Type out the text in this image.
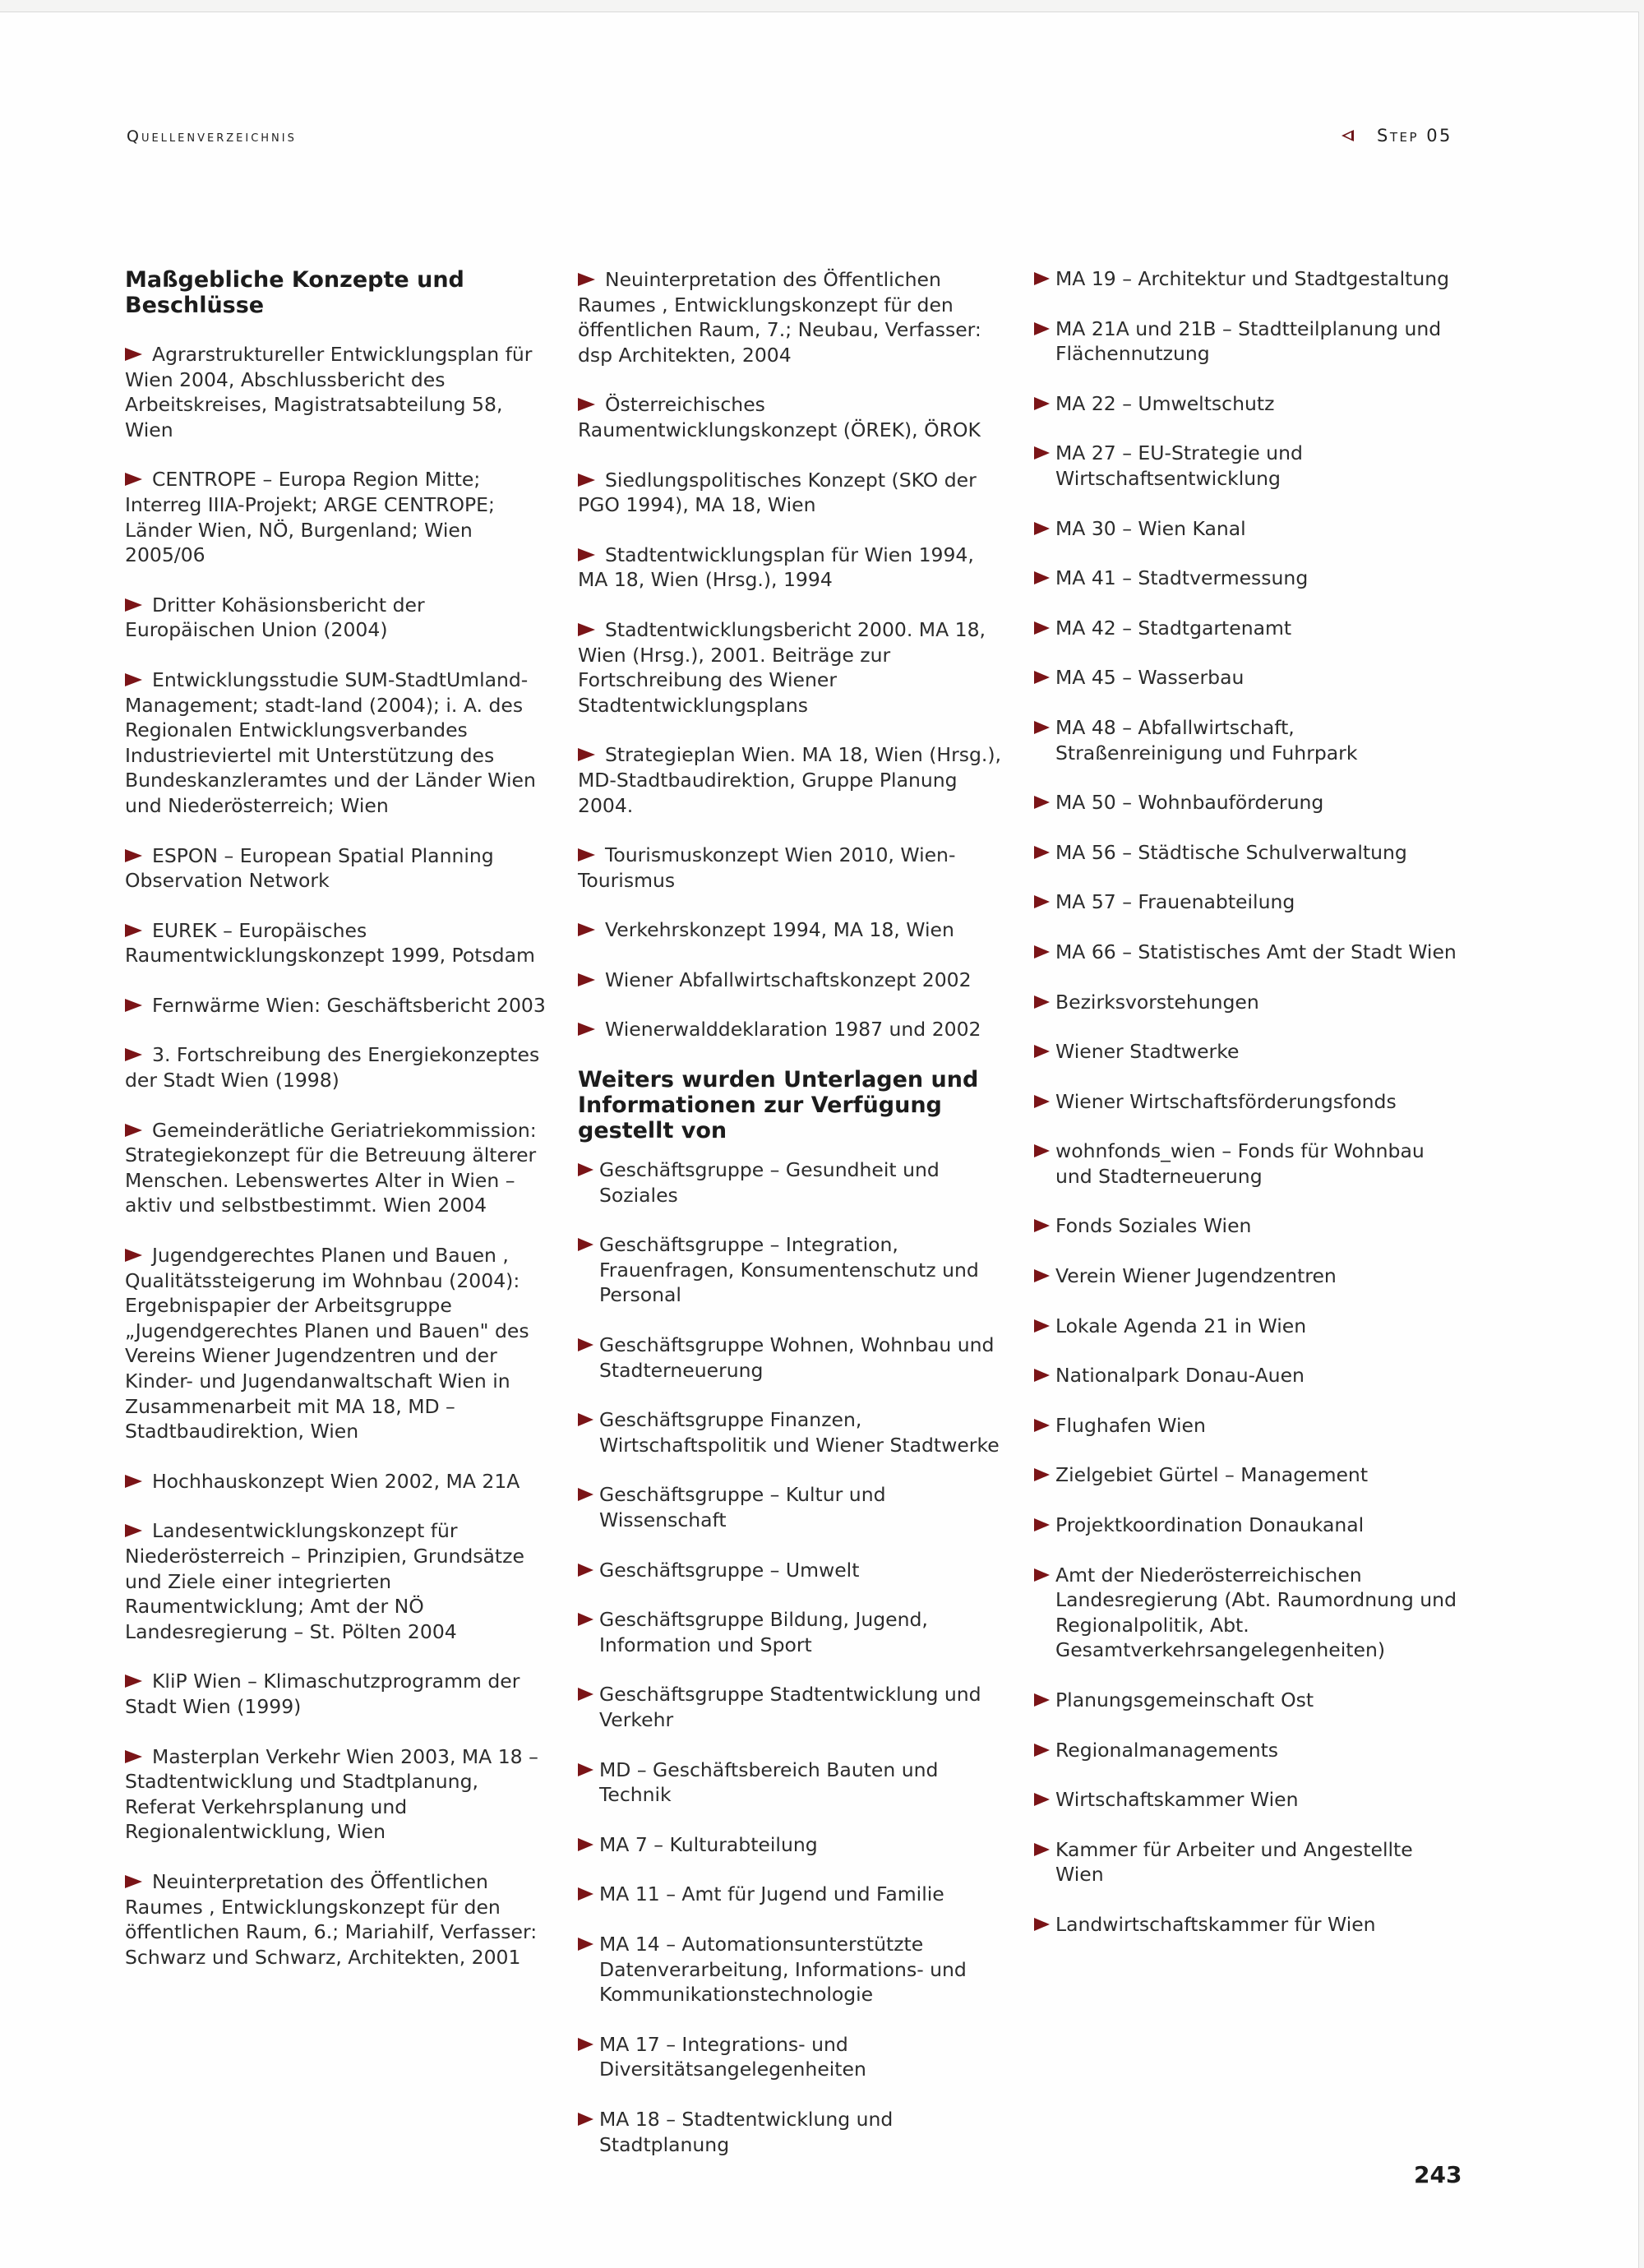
Quellenverzeichnis	Step 05
Maßgebliche Konzepte und Beschlüsse
Agrarstruktureller Entwicklungsplan für Wien 2004, Abschlussbericht des Arbeitskreises, Magistratsabteilung 58, Wien
CENTROPE – Europa Region Mitte; Interreg IIIA-Projekt; ARGE CENTROPE; Länder Wien, NÖ, Burgenland; Wien 2005/06
Dritter Kohäsionsbericht der Europäischen Union (2004)
Entwicklungsstudie SUM-StadtUmland-Management; stadt-land (2004); i. A. des Regionalen Entwicklungsverbandes Industrieviertel mit Unterstützung des Bundeskanzleramtes und der Länder Wien und Niederösterreich; Wien
ESPON – European Spatial Planning Observation Network
EUREK – Europäisches Raumentwicklungskonzept 1999, Potsdam
Fernwärme Wien: Geschäftsbericht 2003
3. Fortschreibung des Energiekonzeptes der Stadt Wien (1998)
Gemeinderätliche Geriatriekommission: Strategiekonzept für die Betreuung älterer Menschen. Lebenswertes Alter in Wien – aktiv und selbstbestimmt. Wien 2004
Jugendgerechtes Planen und Bauen , Qualitätssteigerung im Wohnbau (2004): Ergebnispapier der Arbeitsgruppe „Jugendgerechtes Planen und Bauen" des Vereins Wiener Jugendzentren und der Kinder- und Jugendanwaltschaft Wien in Zusammenarbeit mit MA 18, MD – Stadtbaudirektion, Wien
Hochhauskonzept Wien 2002, MA 21A
Landesentwicklungskonzept für Niederösterreich – Prinzipien, Grundsätze und Ziele einer integrierten Raumentwicklung; Amt der NÖ Landesregierung – St. Pölten 2004
KliP Wien – Klimaschutzprogramm der Stadt Wien (1999)
Masterplan Verkehr Wien 2003, MA 18 – Stadtentwicklung und Stadtplanung, Referat Verkehrsplanung und Regionalentwicklung, Wien
Neuinterpretation des Öffentlichen Raumes , Entwicklungskonzept für den öffentlichen Raum, 6.; Mariahilf, Verfasser: Schwarz und Schwarz, Architekten, 2001
Neuinterpretation des Öffentlichen Raumes , Entwicklungskonzept für den öffentlichen Raum, 7.; Neubau, Verfasser: dsp Architekten, 2004
Österreichisches Raumentwicklungskonzept (ÖREK), ÖROK
Siedlungspolitisches Konzept (SKO der PGO 1994), MA 18, Wien
Stadtentwicklungsplan für Wien 1994, MA 18, Wien (Hrsg.), 1994
Stadtentwicklungsbericht 2000. MA 18, Wien (Hrsg.), 2001. Beiträge zur Fortschreibung des Wiener Stadtentwicklungsplans
Strategieplan Wien. MA 18, Wien (Hrsg.), MD-Stadtbaudirektion, Gruppe Planung 2004.
Tourismuskonzept Wien 2010, Wien-Tourismus
Verkehrskonzept 1994, MA 18, Wien
Wiener Abfallwirtschaftskonzept 2002
Wienerwalddeklaration 1987 und 2002
Weiters wurden Unterlagen und Informationen zur Verfügung gestellt von
Geschäftsgruppe – Gesundheit und Soziales
Geschäftsgruppe – Integration, Frauenfragen, Konsumentenschutz und Personal
Geschäftsgruppe Wohnen, Wohnbau und Stadterneuerung
Geschäftsgruppe Finanzen, Wirtschaftspolitik und Wiener Stadtwerke
Geschäftsgruppe – Kultur und Wissenschaft
Geschäftsgruppe – Umwelt
Geschäftsgruppe Bildung, Jugend, Information und Sport
Geschäftsgruppe Stadtentwicklung und Verkehr
MD – Geschäftsbereich Bauten und Technik
MA 7 – Kulturabteilung
MA 11 – Amt für Jugend und Familie
MA 14 – Automationsunterstützte Datenverarbeitung, Informations- und Kommunikationstechnologie
MA 17 – Integrations- und Diversitätsangelegenheiten
MA 18 – Stadtentwicklung und Stadtplanung
MA 19 – Architektur und Stadtgestaltung
MA 21A und 21B – Stadtteilplanung und Flächennutzung
MA 22 – Umweltschutz
MA 27 – EU-Strategie und Wirtschaftsentwicklung
MA 30 – Wien Kanal
MA 41 – Stadtvermessung
MA 42 – Stadtgartenamt
MA 45 – Wasserbau
MA 48 – Abfallwirtschaft, Straßenreinigung und Fuhrpark
MA 50 – Wohnbauförderung
MA 56 – Städtische Schulverwaltung
MA 57 – Frauenabteilung
MA 66 – Statistisches Amt der Stadt Wien
Bezirksvorstehungen
Wiener Stadtwerke
Wiener Wirtschaftsförderungsfonds
wohnfonds_wien – Fonds für Wohnbau und Stadterneuerung
Fonds Soziales Wien
Verein Wiener Jugendzentren
Lokale Agenda 21 in Wien
Nationalpark Donau-Auen
Flughafen Wien
Zielgebiet Gürtel – Management
Projektkoordination Donaukanal
Amt der Niederösterreichischen Landesregierung (Abt. Raumordnung und Regionalpolitik, Abt. Gesamtverkehrsangelegenheiten)
Planungsgemeinschaft Ost
Regionalmanagements
Wirtschaftskammer Wien
Kammer für Arbeiter und Angestellte Wien
Landwirtschaftskammer für Wien
243
